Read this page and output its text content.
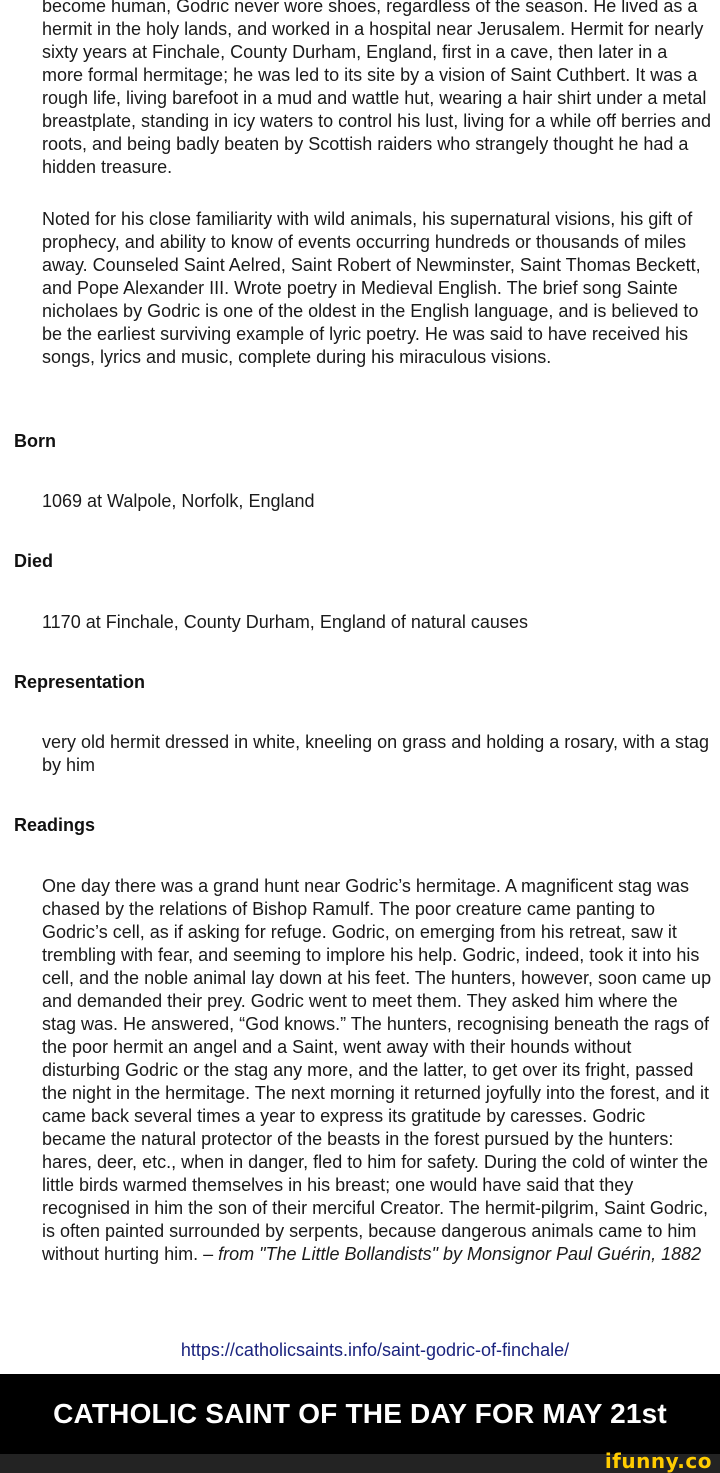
become human, Godric never wore shoes, regardless of the season. He lived as a hermit in the holy lands, and worked in a hospital near Jerusalem. Hermit for nearly sixty years at Finchale, County Durham, England, first in a cave, then later in a more formal hermitage; he was led to its site by a vision of Saint Cuthbert. It was a rough life, living barefoot in a mud and wattle hut, wearing a hair shirt under a metal breastplate, standing in icy waters to control his lust, living for a while off berries and roots, and being badly beaten by Scottish raiders who strangely thought he had a hidden treasure.

Noted for his close familiarity with wild animals, his supernatural visions, his gift of prophecy, and ability to know of events occurring hundreds or thousands of miles away. Counseled Saint Aelred, Saint Robert of Newminster, Saint Thomas Beckett, and Pope Alexander III. Wrote poetry in Medieval English. The brief song Sainte nicholaes by Godric is one of the oldest in the English language, and is believed to be the earliest surviving example of lyric poetry. He was said to have received his songs, lyrics and music, complete during his miraculous visions.

Born

1069 at Walpole, Norfolk, England

Died

1170 at Finchale, County Durham, England of natural causes

Representation

very old hermit dressed in white, kneeling on grass and holding a rosary, with a stag by him

Readings

One day there was a grand hunt near Godric’s hermitage. A magnificent stag was chased by the relations of Bishop Ramulf. The poor creature came panting to Godric’s cell, as if asking for refuge. Godric, on emerging from his retreat, saw it trembling with fear, and seeming to implore his help. Godric, indeed, took it into his cell, and the noble animal lay down at his feet. The hunters, however, soon came up and demanded their prey. Godric went to meet them. They asked him where the stag was. He answered, “God knows.” The hunters, recognising beneath the rags of the poor hermit an angel and a Saint, went away with their hounds without disturbing Godric or the stag any more, and the latter, to get over its fright, passed the night in the hermitage. The next morning it returned joyfully into the forest, and it came back several times a year to express its gratitude by caresses. Godric became the natural protector of the beasts in the forest pursued by the hunters: hares, deer, etc., when in danger, fled to him for safety. During the cold of winter the little birds warmed themselves in his breast; one would have said that they recognised in him the son of their merciful Creator. The hermit-pilgrim, Saint Godric, is often painted surrounded by serpents, because dangerous animals came to him without hurting him. – from "The Little Bollandists" by Monsignor Paul Guérin, 1882

https://catholicsaints.info/saint-godric-of-finchale/
CATHOLIC SAINT OF THE DAY FOR MAY 21st
ifunny.co
